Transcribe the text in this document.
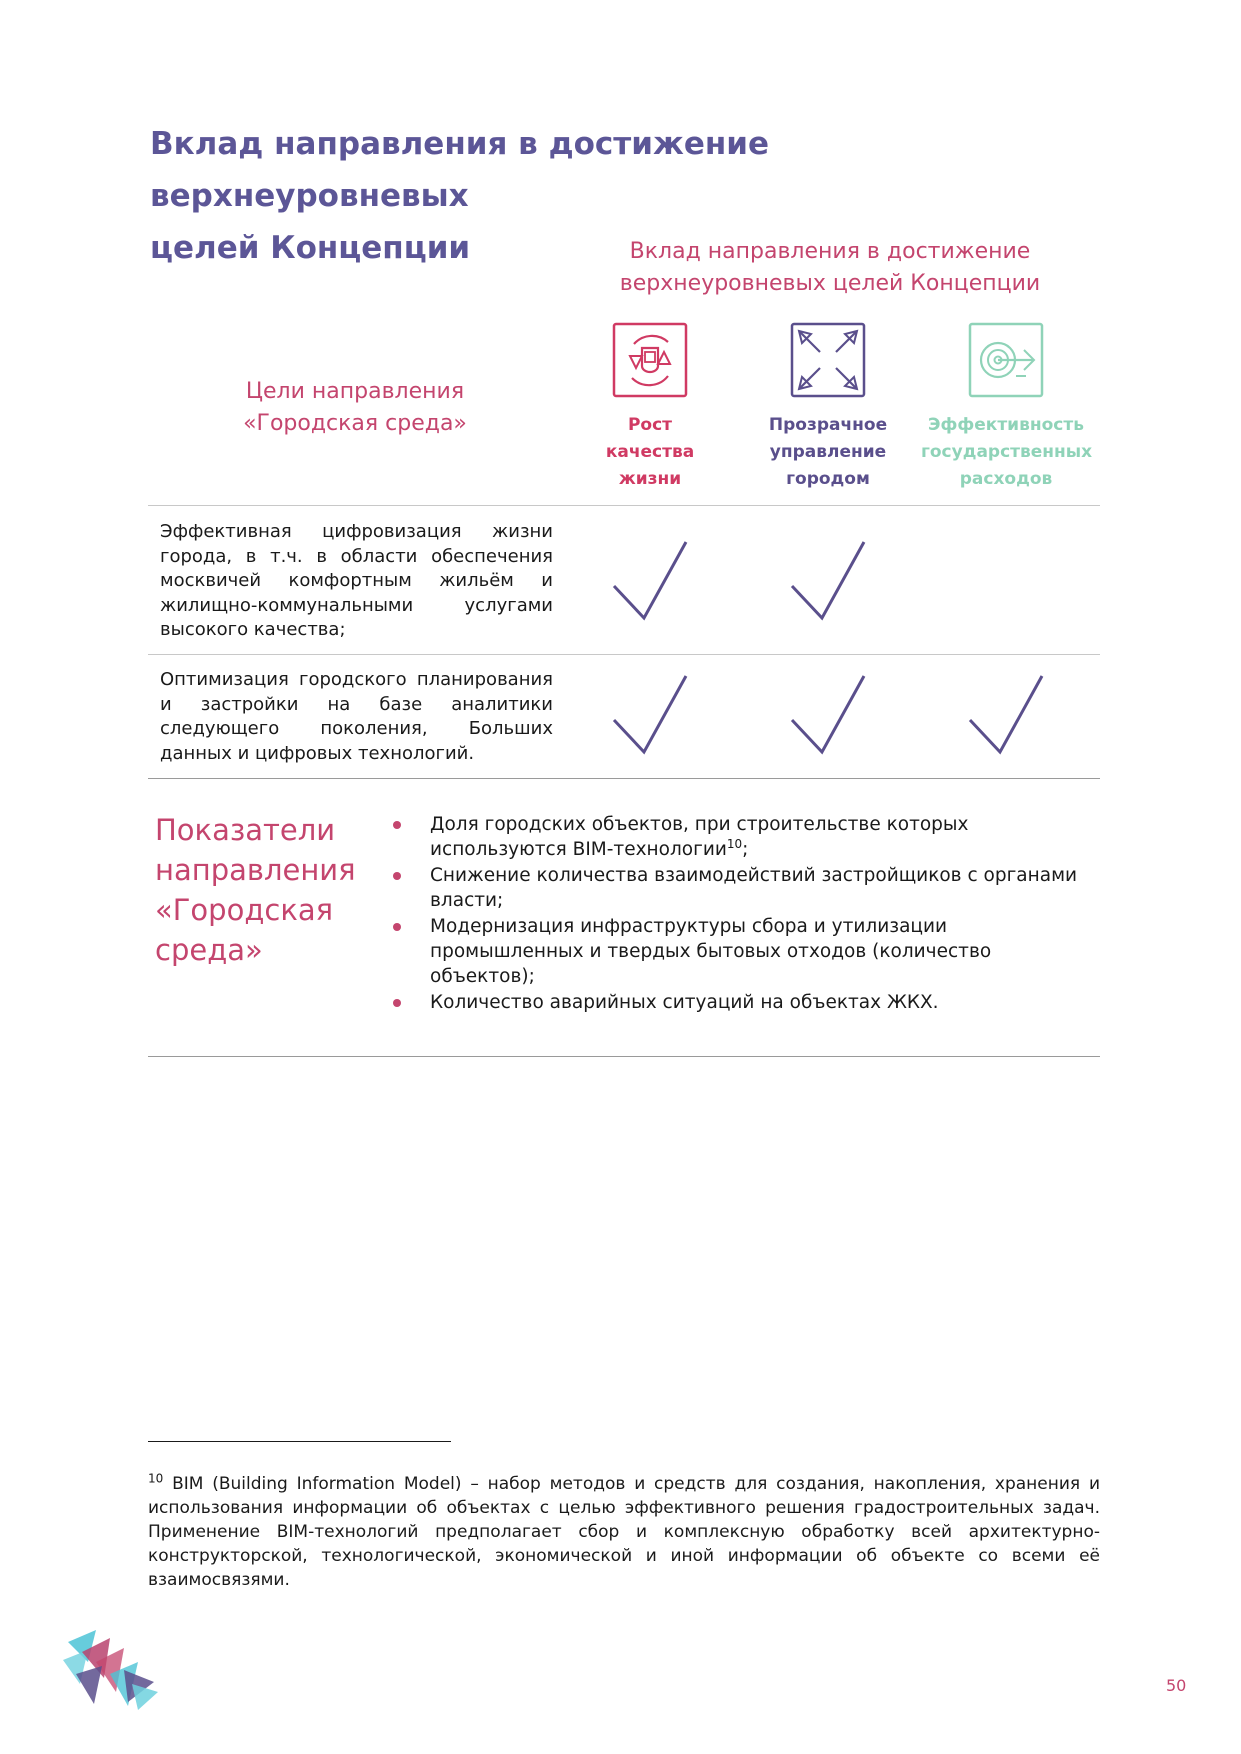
Вклад направления в достижение верхнеуровневых
целей Концепции	Вклад направления в достижение
верхнеуровневых целей Концепции
Цели направления
«Городская среда»	Рост
качества
жизни
Прозрачное
управление
городом
Эффективность
государственных
расходов
Эффективная цифровизация жизни города, в т.ч. в области обеспечения москвичей комфортным жильём и жилищно-коммунальными услугами высокого качества;
Оптимизация городского планирования и застройки на базе аналитики следующего поколения, Больших данных и цифровых технологий.
Показатели направления «Городская среда»
Доля городских объектов, при строительстве которых используются BIM-технологии$^{10}$;
Снижение количества взаимодействий застройщиков с органами власти;
Модернизация инфраструктуры сбора и утилизации промышленных и твердых бытовых отходов (количество объектов);
Количество аварийных ситуаций на объектах ЖКХ.
$^{10}$ BIM (Building Information Model) – набор методов и средств для создания, накопления, хранения и использования информации об объектах с целью эффективного решения градостроительных задач. Применение BIM-технологий предполагает сбор и комплексную обработку всей архитектурно-конструкторской, технологической, экономической и иной информации об объекте со всеми её взаимосвязями.
50
